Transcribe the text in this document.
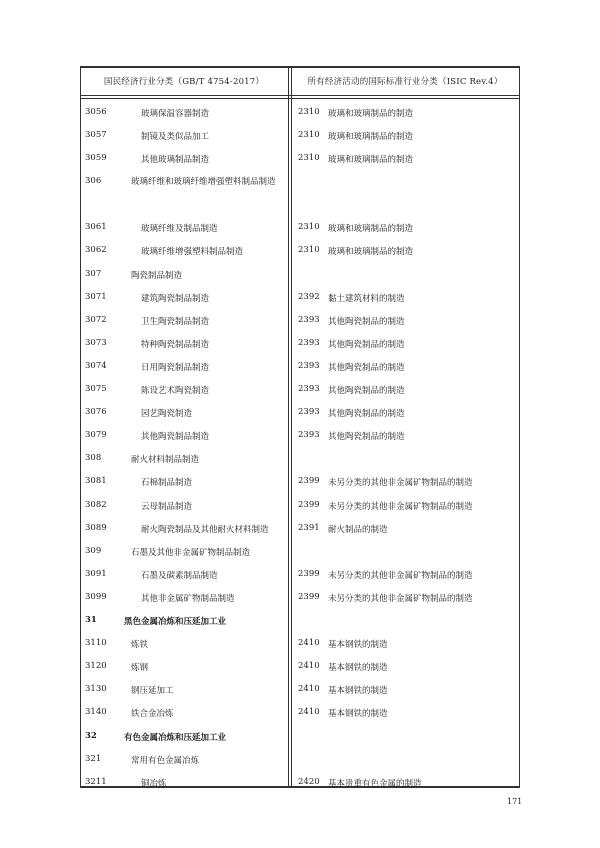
国民经济行业分类（GB/T 4754-2017）	所有经济活动的国际标准行业分类（ISIC Rev.4）
3056	玻璃保温容器制造	2310 玻璃和玻璃制品的制造
3057	制镜及类似品加工	2310 玻璃和玻璃制品的制造
3059	其他玻璃制品制造	2310 玻璃和玻璃制品的制造
306	玻璃纤维和玻璃纤维增强塑料制品制造
3061	玻璃纤维及制品制造	2310 玻璃和玻璃制品的制造
3062	玻璃纤维增强塑料制品制造	2310 玻璃和玻璃制品的制造
307	陶瓷制品制造
3071	建筑陶瓷制品制造	2392 黏土建筑材料的制造
3072	卫生陶瓷制品制造	2393 其他陶瓷制品的制造
3073	特种陶瓷制品制造	2393 其他陶瓷制品的制造
3074	日用陶瓷制品制造	2393 其他陶瓷制品的制造
3075	陈设艺术陶瓷制造	2393 其他陶瓷制品的制造
3076	园艺陶瓷制造	2393 其他陶瓷制品的制造
3079	其他陶瓷制品制造	2393 其他陶瓷制品的制造
308	耐火材料制品制造
3081	石棉制品制造	2399 未另分类的其他非金属矿物制品的制造
3082	云母制品制造	2399 未另分类的其他非金属矿物制品的制造
3089	耐火陶瓷制品及其他耐火材料制造	2391 耐火制品的制造
309	石墨及其他非金属矿物制品制造
3091	石墨及碳素制品制造	2399 未另分类的其他非金属矿物制品的制造
3099	其他非金属矿物制品制造	2399 未另分类的其他非金属矿物制品的制造
31	黑色金属冶炼和压延加工业
3110	炼铁	2410 基本钢铁的制造
3120	炼钢	2410 基本钢铁的制造
3130	钢压延加工	2410 基本钢铁的制造
3140	铁合金冶炼	2410 基本钢铁的制造
32	有色金属冶炼和压延加工业
321	常用有色金属冶炼
3211	铜冶炼	2420 基本贵重有色金属的制造
171
